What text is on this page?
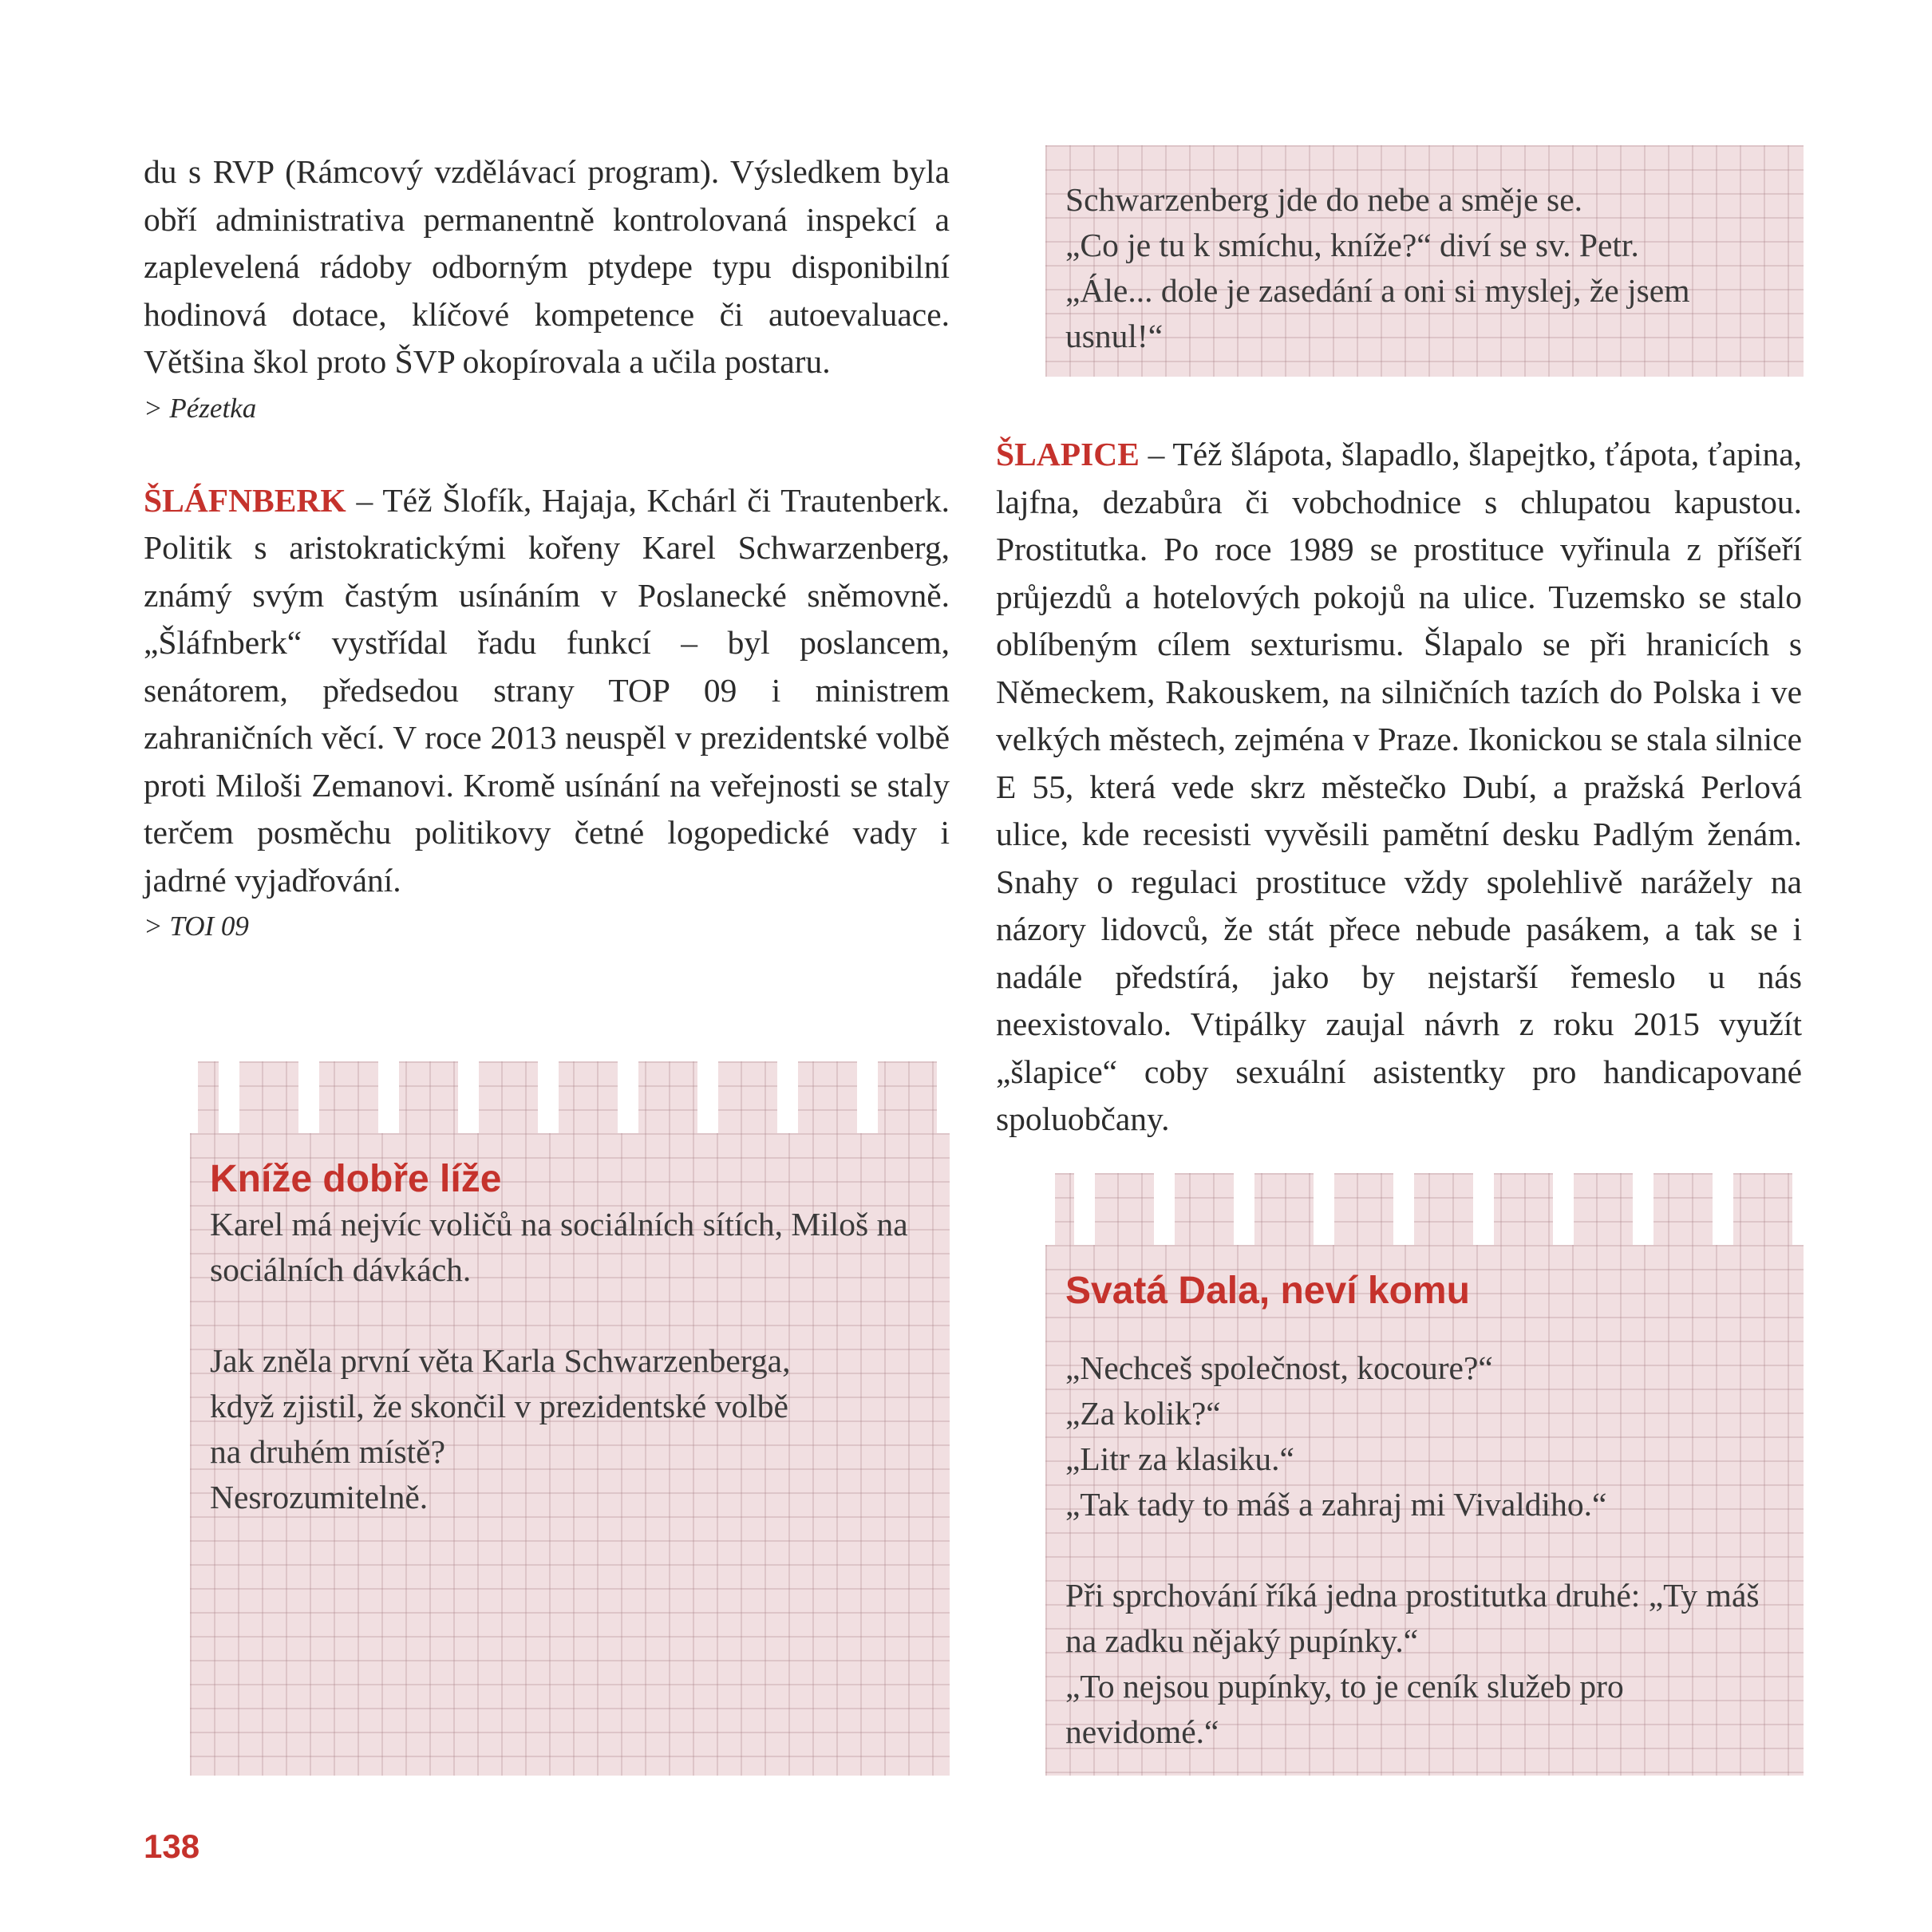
du s RVP (Rámcový vzdělávací program). Výsledkem byla obří administrativa permanentně kontrolovaná inspekcí a zaplevelená rádoby odborným ptydepe typu disponibilní hodinová dotace, klíčové kompetence či autoevaluace. Většina škol proto ŠVP okopírovala a učila postaru.

> Pézetka

ŠLÁFNBERK – Též Šlofík, Hajaja, Kchárl či Trautenberk. Politik s aristokratickými kořeny Karel Schwarzenberg, známý svým častým usínáním v Poslanecké sněmovně. „Šláfnberk“ vystřídal řadu funkcí – byl poslancem, senátorem, předsedou strany TOP 09 i ministrem zahraničních věcí. V roce 2013 neuspěl v prezidentské volbě proti Miloši Zemanovi. Kromě usínání na veřejnosti se staly terčem posměchu politikovy četné logopedické vady i jadrné vyjadřování.

> TOI 09

Schwarzenberg jde do nebe a směje se.

„Co je tu k smíchu, kníže?“ diví se sv. Petr.

„Ále... dole je zasedání a oni si myslej, že jsem usnul!“

ŠLAPICE – Též šlápota, šlapadlo, šlapejtko, ťápota, ťapina, lajfna, dezabůra či vobchodnice s chlupatou kapustou. Prostitutka. Po roce 1989 se prostituce vyřinula z příšeří průjezdů a hotelových pokojů na ulice. Tuzemsko se stalo oblíbeným cílem sexturismu. Šlapalo se při hranicích s Německem, Rakouskem, na silničních tazích do Polska i ve velkých městech, zejména v Praze. Ikonickou se stala silnice E 55, která vede skrz městečko Dubí, a pražská Perlová ulice, kde recesisti vyvěsili pamětní desku Padlým ženám. Snahy o regulaci prostituce vždy spolehlivě narážely na názory lidovců, že stát přece nebude pasákem, a tak se i nadále předstírá, jako by nejstarší řemeslo u nás neexistovalo. Vtipálky zaujal návrh z roku 2015 využít „šlapice“ coby sexuální asistentky pro handicapované spoluobčany.

Kníže dobře líže

Karel má nejvíc voličů na sociálních sítích, Miloš na sociálních dávkách.

Jak zněla první věta Karla Schwarzenberga,

když zjistil, že skončil v prezidentské volbě

na druhém místě?

Nesrozumitelně.

Svatá Dala, neví komu

„Nechceš společnost, kocoure?“

„Za kolik?“

„Litr za klasiku.“

„Tak tady to máš a zahraj mi Vivaldiho.“

Při sprchování říká jedna prostitutka druhé: „Ty máš na zadku nějaký pupínky.“

„To nejsou pupínky, to je ceník služeb pro nevidomé.“

138
